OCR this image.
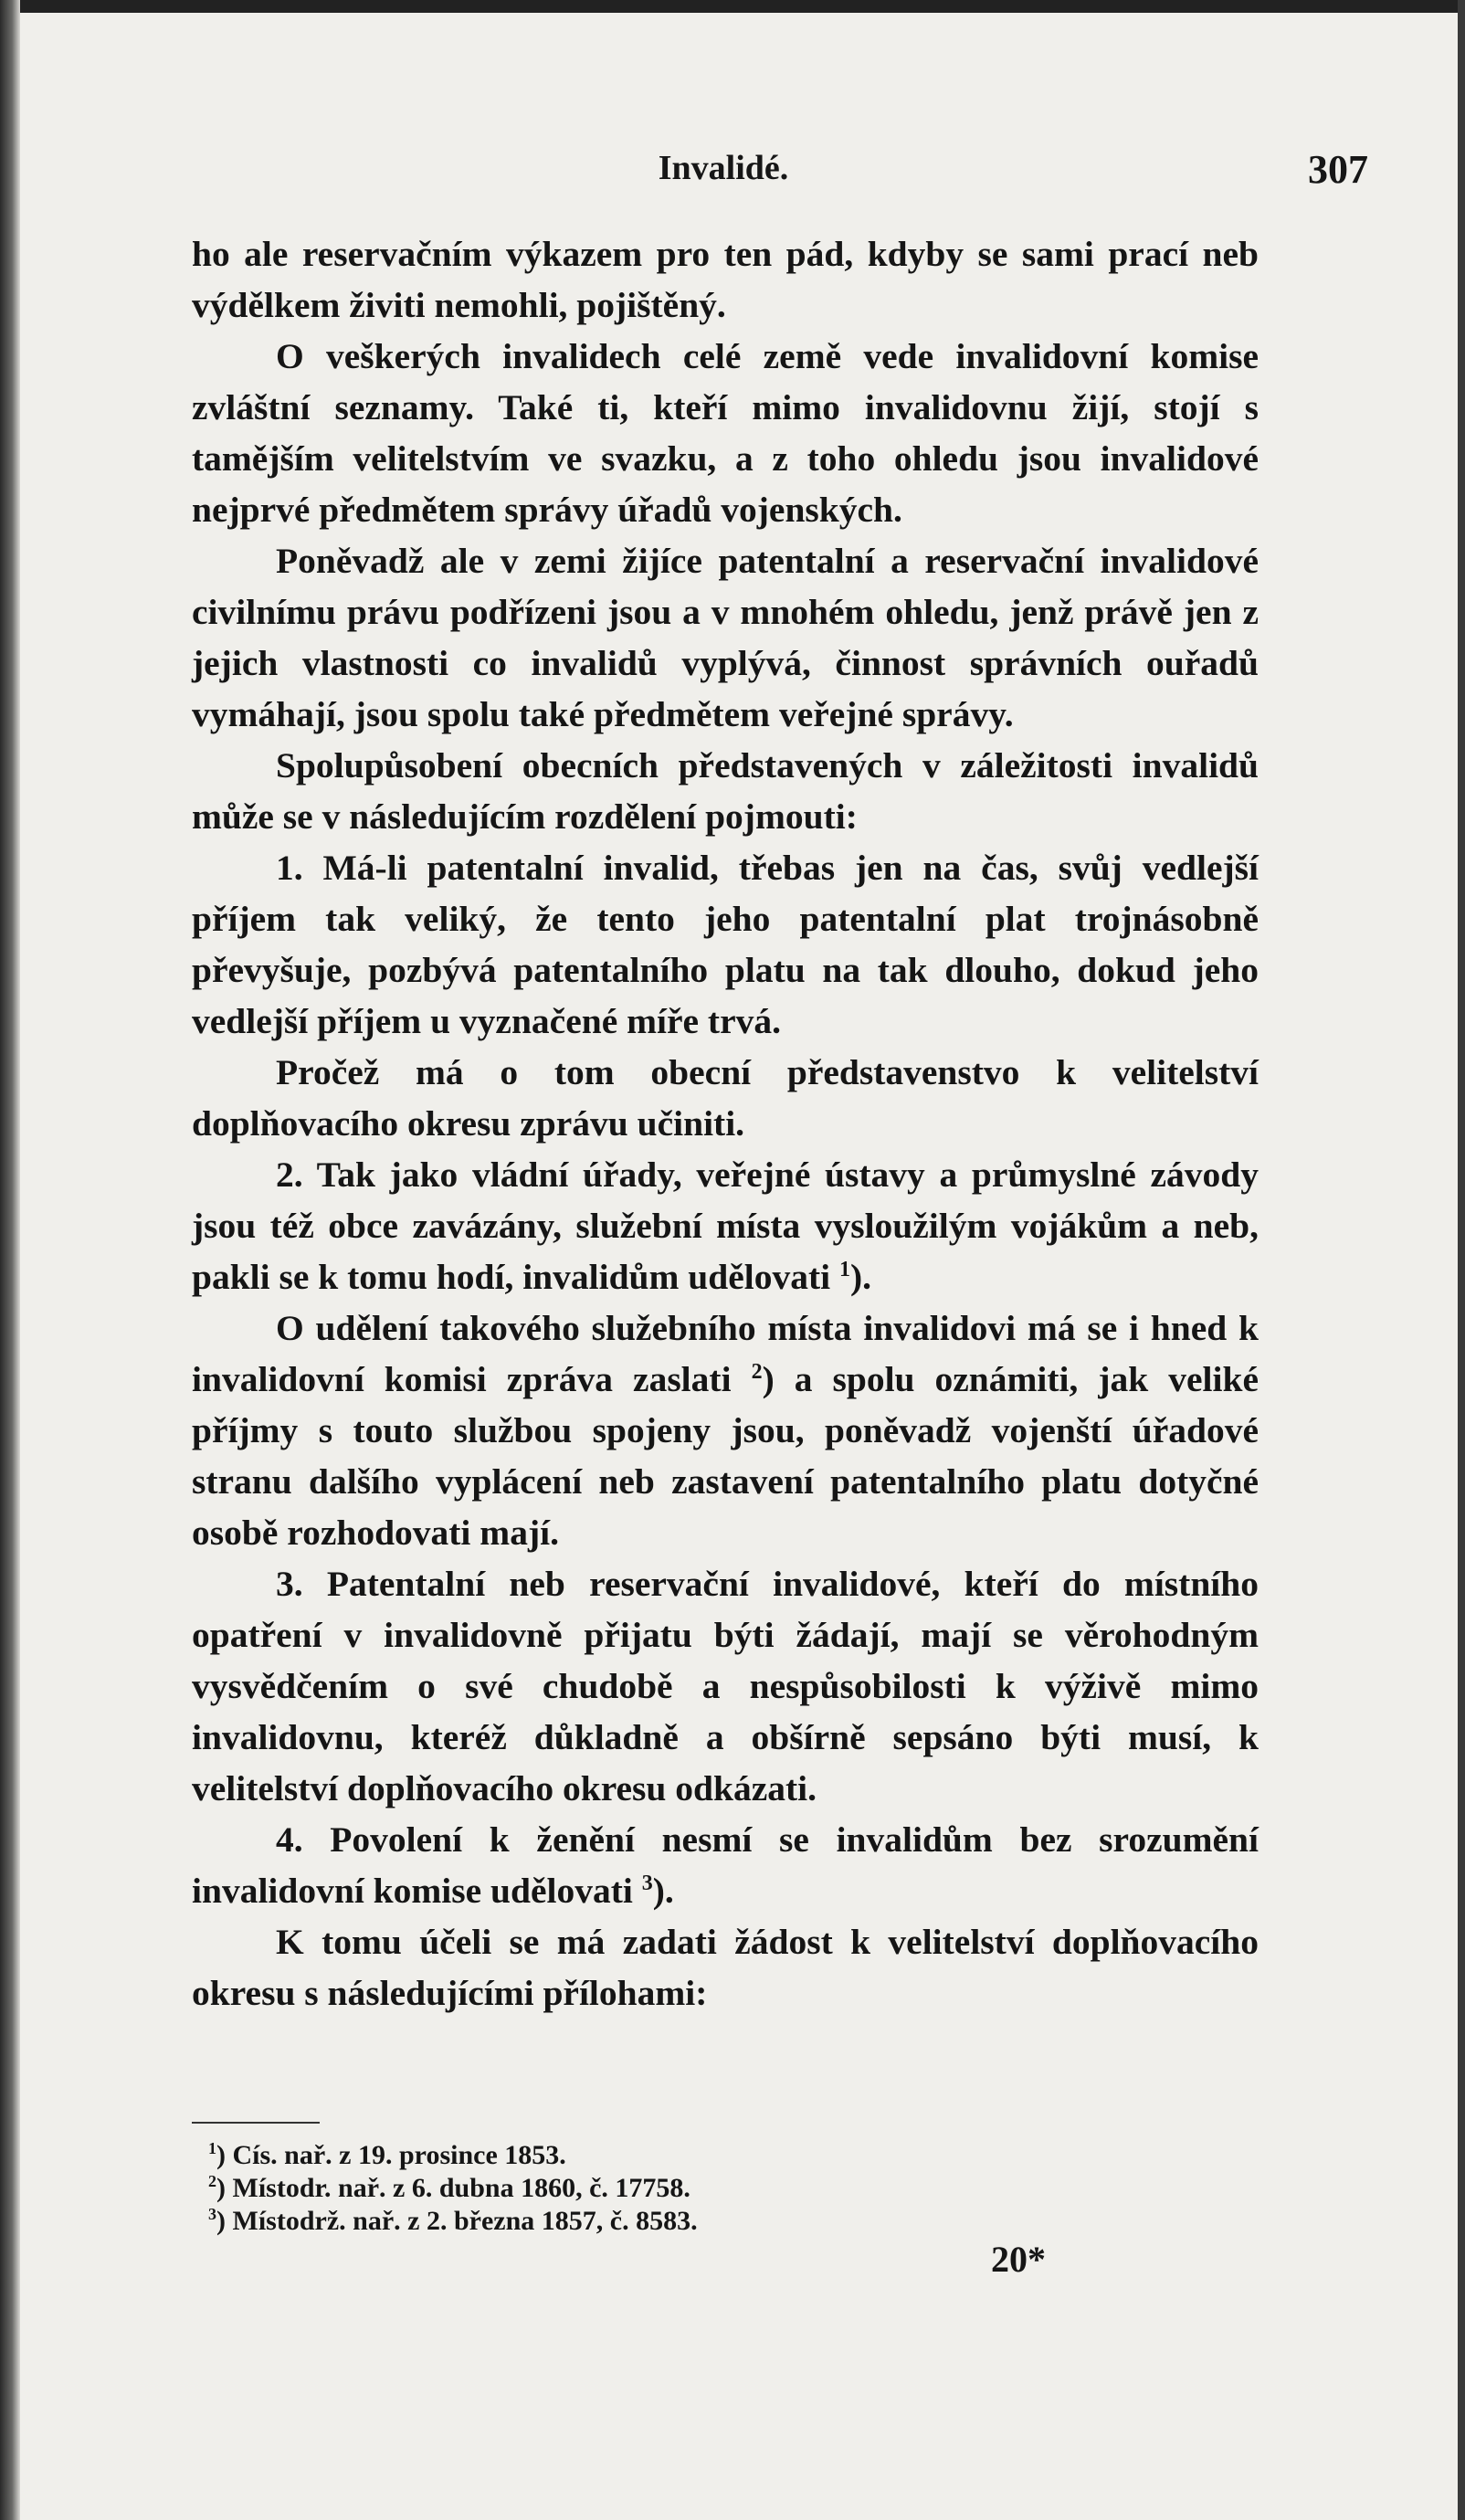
Invalidé.	307

ho ale reservačním výkazem pro ten pád, kdyby se sami prací neb výdělkem živiti nemohli, pojištěný.

O veškerých invalidech celé země vede invalidovní komise zvláštní seznamy. Také ti, kteří mimo invalidovnu žijí, stojí s tamějším velitelstvím ve svazku, a z toho ohledu jsou invalidové nejprvé předmětem správy úřadů vojenských.

Poněvadž ale v zemi žijíce patentalní a reservační invalidové civilnímu právu podřízeni jsou a v mnohém ohledu, jenž právě jen z jejich vlastnosti co invalidů vyplývá, činnost správních ouřadů vymáhají, jsou spolu také předmětem veřejné správy.

Spolupůsobení obecních představených v záležitosti invalidů může se v následujícím rozdělení pojmouti:

1. Má-li patentalní invalid, třebas jen na čas, svůj vedlejší příjem tak veliký, že tento jeho patentalní plat trojnásobně převyšuje, pozbývá patentalního platu na tak dlouho, dokud jeho vedlejší příjem u vyznačené míře trvá.

Pročež má o tom obecní představenstvo k velitelství doplňovacího okresu zprávu učiniti.

2. Tak jako vládní úřady, veřejné ústavy a průmyslné závody jsou též obce zavázány, služební místa vysloužilým vojákům a neb, pakli se k tomu hodí, invalidům udělovati $^1$).

O udělení takového služebního místa invalidovi má se i hned k invalidovní komisi zpráva zaslati $^2$) a spolu oznámiti, jak veliké příjmy s touto službou spojeny jsou, poněvadž vojenští úřadové stranu dalšího vyplácení neb zastavení patentalního platu dotyčné osobě rozhodovati mají.

3. Patentalní neb reservační invalidové, kteří do místního opatření v invalidovně přijatu býti žádají, mají se věrohodným vysvědčením o své chudobě a nespůsobilosti k výživě mimo invalidovnu, kteréž důkladně a obšírně sepsáno býti musí, k velitelství doplňovacího okresu odkázati.

4. Povolení k ženění nesmí se invalidům bez srozumění invalidovní komise udělovati $^3$).

K tomu účeli se má zadati žádost k velitelství doplňovacího okresu s následujícími přílohami:

$^1$) Cís. nař. z 19. prosince 1853.
$^2$) Místodr. nař. z 6. dubna 1860, č. 17758.
$^3$) Místodrž. nař. z 2. března 1857, č. 8583.
20*
